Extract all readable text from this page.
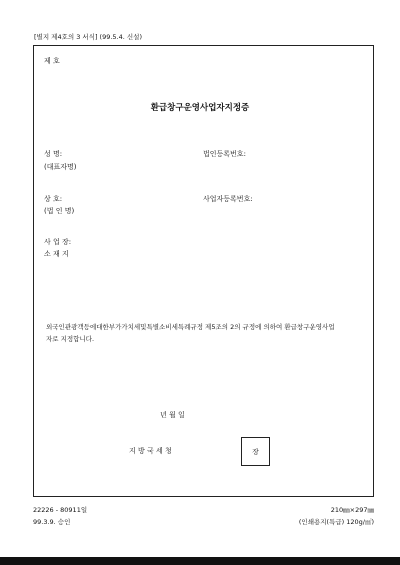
[별지 제4호의 3 서식] (99.5.4. 신설)
제 호
환급창구운영사업자지정증
성 명:
(대표자명)
법인등록번호:
상 호:
(법 인 명)
사업자등록번호:
사 업 장:
소 재 지
외국인관광객등에대한부가가치세및특별소비세특례규정 제5조의 2의 규정에 의하여 환급창구운영사업
자로 지정합니다.
년 월 일
지 방 국 세 청	장
22226 - 80911일
99.3.9. 승인
210㎜×297㎜
(인쇄용지(특급) 120g/㎡)
